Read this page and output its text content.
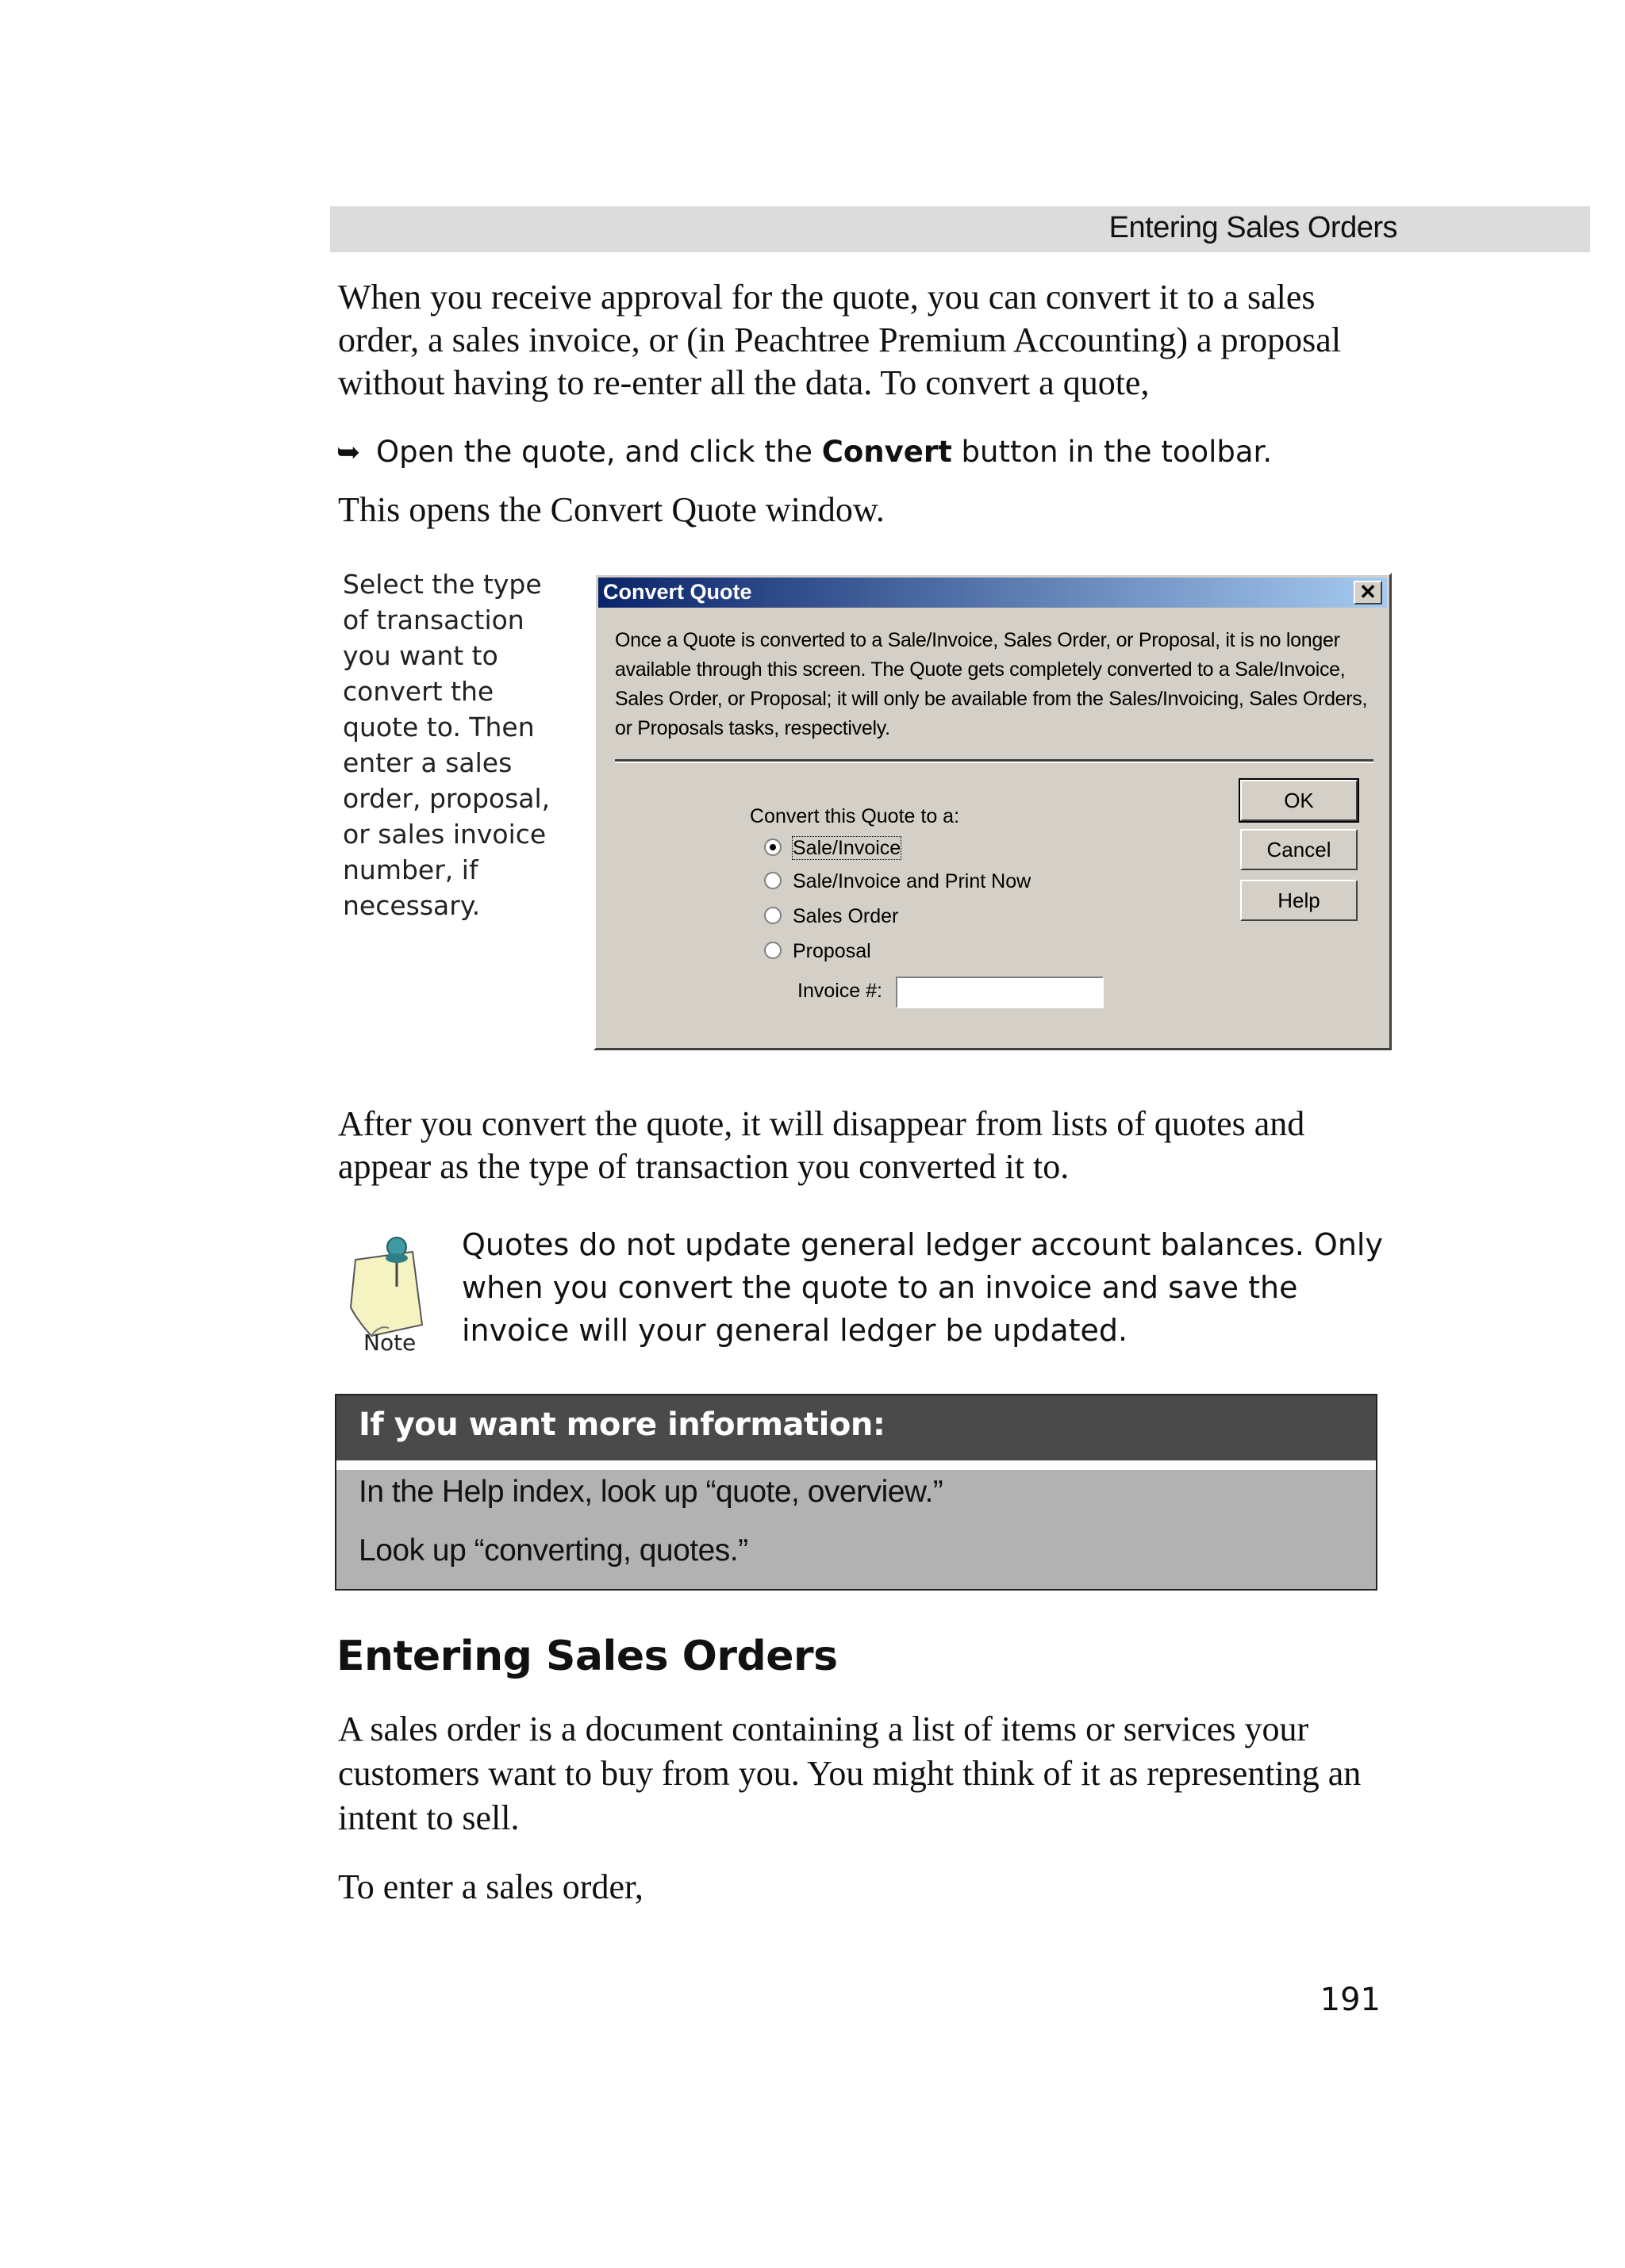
Entering Sales Orders
When you receive approval for the quote, you can convert it to a sales order, a sales invoice, or (in Peachtree Premium Accounting) a proposal without having to re-enter all the data. To convert a quote,
➥ Open the quote, and click the Convert button in the toolbar.
This opens the Convert Quote window.
Select the type of transaction you want to convert the quote to. Then enter a sales order, proposal, or sales invoice number, if necessary.
Convert Quote	✕
Once a Quote is converted to a Sale/Invoice, Sales Order, or Proposal, it is no longer available through this screen. The Quote gets completely converted to a Sale/Invoice, Sales Order, or Proposal; it will only be available from the Sales/Invoicing, Sales Orders, or Proposals tasks, respectively.
Convert this Quote to a:
Sale/Invoice
Sale/Invoice and Print Now
Sales Order
Proposal
Invoice #:
OK
Cancel
Help
After you convert the quote, it will disappear from lists of quotes and appear as the type of transaction you converted it to.
Note
Quotes do not update general ledger account balances. Only when you convert the quote to an invoice and save the invoice will your general ledger be updated.
If you want more information:
In the Help index, look up “quote, overview.”
Look up “converting, quotes.”
Entering Sales Orders
A sales order is a document containing a list of items or services your customers want to buy from you. You might think of it as representing an intent to sell.
To enter a sales order,
191
